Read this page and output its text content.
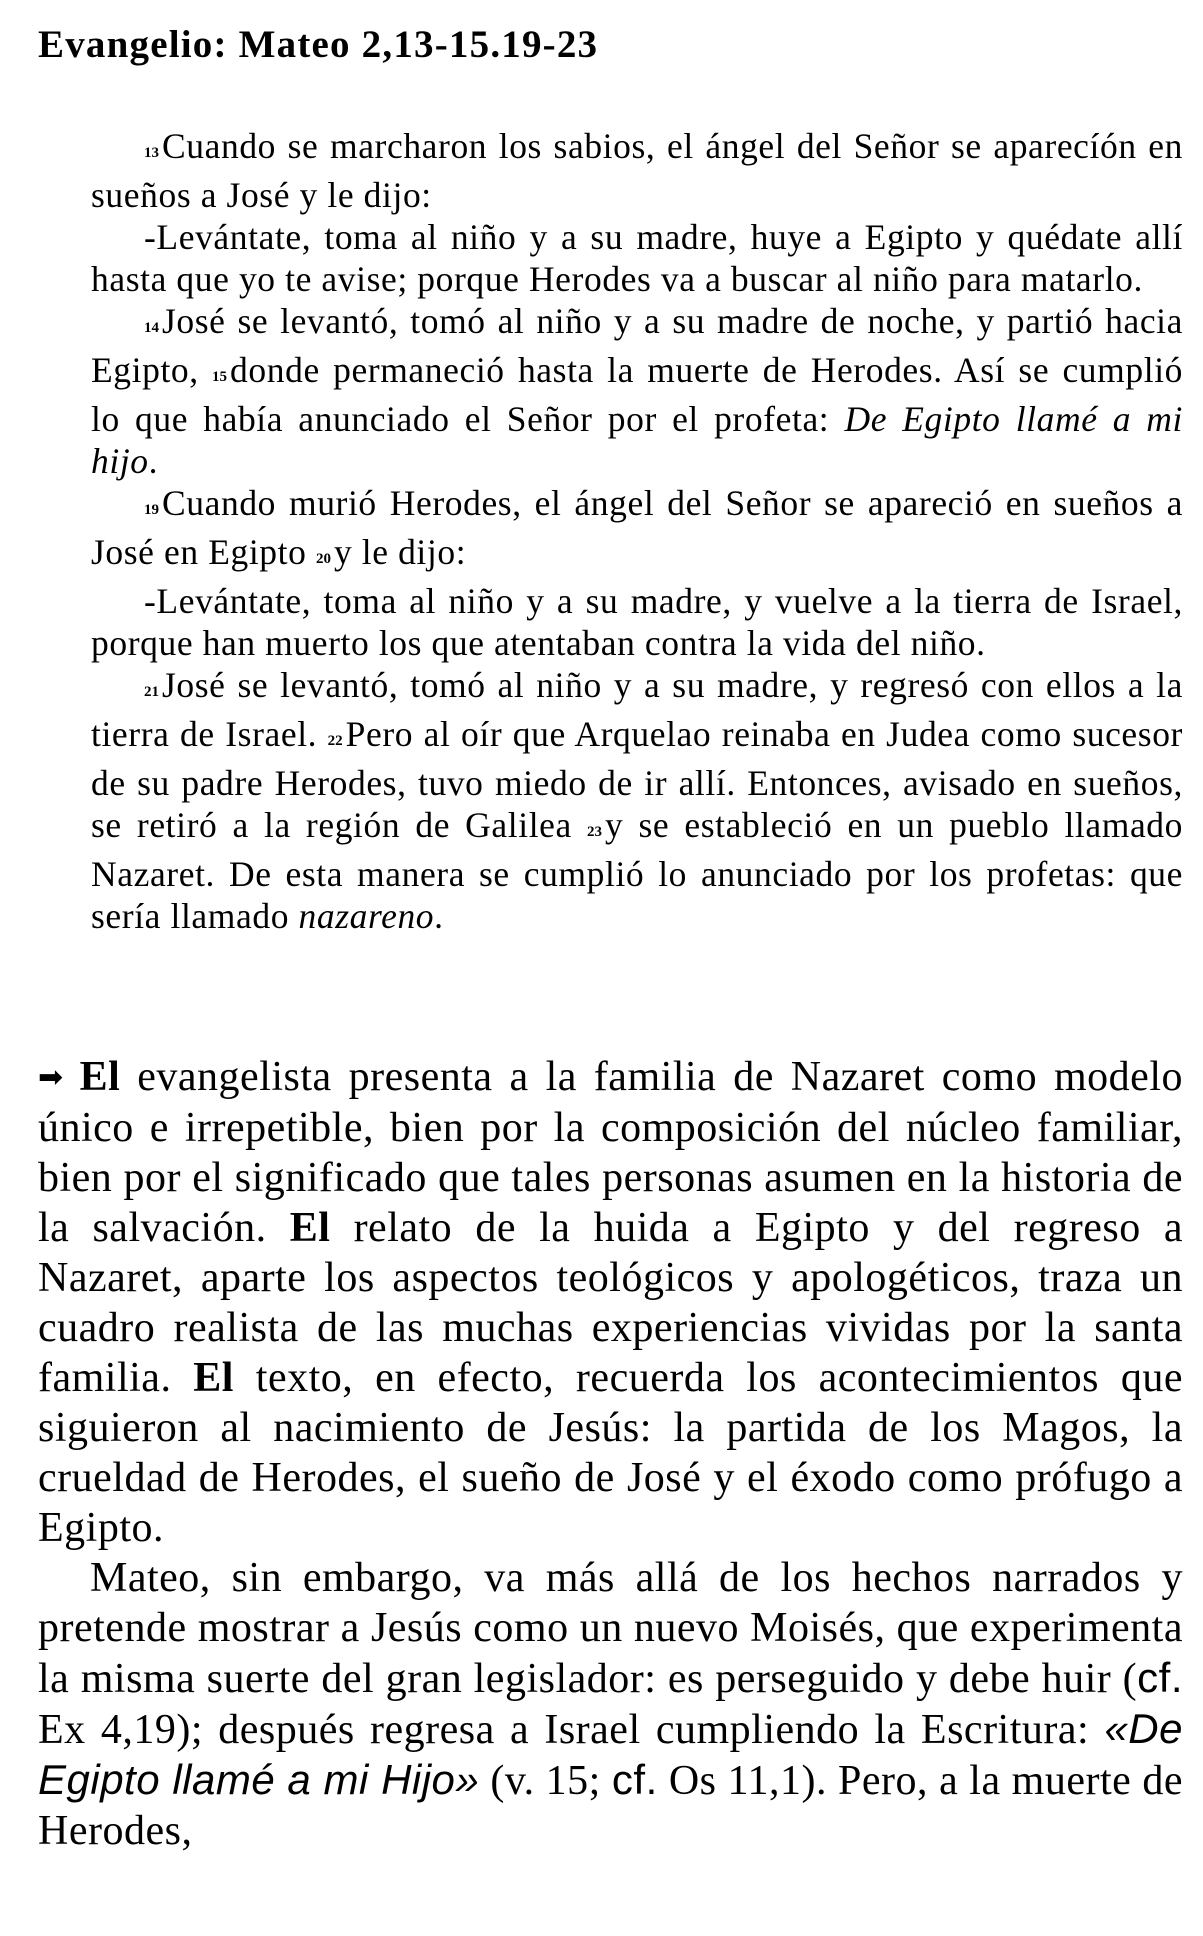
Evangelio: Mateo 2,13-15.19-23

13Cuando se marcharon los sabios, el ángel del Señor se aparecíón en sueños a José y le dijo:

-Levántate, toma al niño y a su madre, huye a Egipto y quédate allí hasta que yo te avise; porque Herodes va a buscar al niño para matarlo.

14José se levantó, tomó al niño y a su madre de noche, y partió hacia Egipto, 15donde permaneció hasta la muerte de Herodes. Así se cumplió lo que había anunciado el Señor por el profeta: De Egipto llamé a mi hijo.

19Cuando murió Herodes, el ángel del Señor se apareció en sueños a José en Egipto 20y le dijo:

-Levántate, toma al niño y a su madre, y vuelve a la tierra de Israel, porque han muerto los que atentaban contra la vida del niño.

21José se levantó, tomó al niño y a su madre, y regresó con ellos a la tierra de Israel. 22Pero al oír que Arquelao reinaba en Judea como sucesor de su padre Herodes, tuvo miedo de ir allí. Entonces, avisado en sueños, se retiró a la región de Galilea 23y se estableció en un pueblo llamado Nazaret. De esta manera se cumplió lo anunciado por los profetas: que sería llamado nazareno.

➡ El evangelista presenta a la familia de Nazaret como modelo único e irrepetible, bien por la composición del núcleo familiar, bien por el significado que tales personas asumen en la historia de la salvación. El relato de la huida a Egipto y del regreso a Nazaret, aparte los aspectos teológicos y apologéticos, traza un cuadro realista de las muchas experiencias vividas por la santa familia. El texto, en efecto, recuerda los acontecimientos que siguieron al nacimiento de Jesús: la partida de los Magos, la crueldad de Herodes, el sueño de José y el éxodo como prófugo a Egipto.

Mateo, sin embargo, va más allá de los hechos narrados y pretende mostrar a Jesús como un nuevo Moisés, que experimenta la misma suerte del gran legislador: es perseguido y debe huir (cf. Ex 4,19); después regresa a Israel cumpliendo la Escritura: «De Egipto llamé a mi Hijo» (v. 15; cf. Os 11,1). Pero, a la muerte de Herodes,
